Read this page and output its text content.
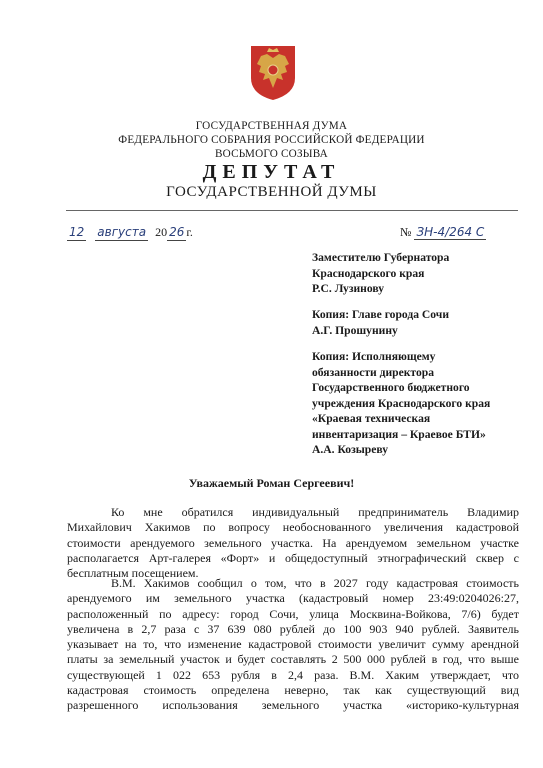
ГОСУДАРСТВЕННАЯ ДУМА
ФЕДЕРАЛЬНОГО СОБРАНИЯ РОССИЙСКОЙ ФЕДЕРАЦИИ
ВОСЬМОГО СОЗЫВА
ДЕПУТАТ
ГОСУДАРСТВЕННОЙ ДУМЫ
12 августа 20 26 г.	№ ЗН-4/264 С
Заместителю Губернатора
Краснодарского края
Р.С. Лузинову
Копия: Главе города Сочи
А.Г. Прошунину
Копия: Исполняющему
обязанности директора
Государственного бюджетного
учреждения Краснодарского края
«Краевая техническая
инвентаризация – Краевое БТИ»
А.А. Козыреву
Уважаемый Роман Сергеевич!
Ко мне обратился индивидуальный предприниматель Владимир
Михайлович Хакимов по вопросу необоснованного увеличения кадастровой
стоимости арендуемого земельного участка. На арендуемом земельном участке
располагается Арт-галерея «Форт» и общедоступный этнографический сквер с
бесплатным посещением.
В.М. Хакимов сообщил о том, что в 2027 году кадастровая стоимость
арендуемого им земельного участка (кадастровый номер 23:49:0204026:27,
расположенный по адресу: город Сочи, улица Москвина-Войкова, 7/6) будет
увеличена в 2,7 раза с 37 639 080 рублей до 100 903 940 рублей. Заявитель
указывает на то, что изменение кадастровой стоимости увеличит сумму арендной
платы за земельный участок и будет составлять 2 500 000 рублей в год, что выше
существующей 1 022 653 рубля в 2,4 раза. В.М. Хаким утверждает, что
кадастровая стоимость определена неверно, так как существующий вид
разрешенного использования земельного участка «историко-культурная
